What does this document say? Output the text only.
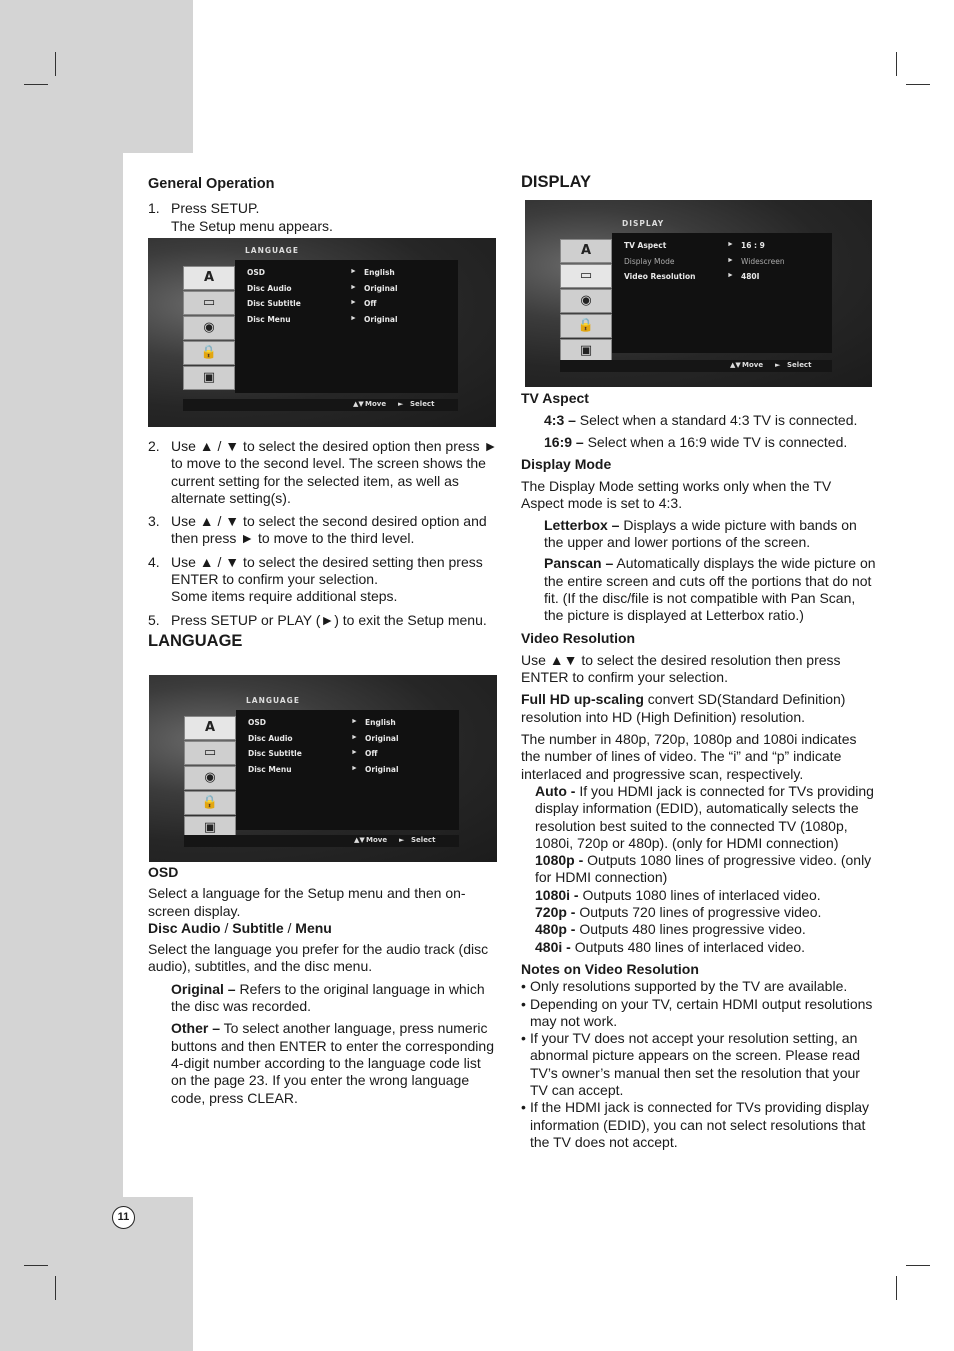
11

General Operation

1. Press SETUP.

The Setup menu appears.

2. Use ▲ / ▼ to select the desired option then press ► to move to the second level. The screen shows the current setting for the selected item, as well as alternate setting(s).

3. Use ▲ / ▼ to select the second desired option and then press ► to move to the third level.

4. Use ▲ / ▼ to select the desired setting then press ENTER to confirm your selection.

Some items require additional steps.

5. Press SETUP or PLAY (►) to exit the Setup menu.

LANGUAGE

OSD

Select a language for the Setup menu and then on-screen display.

Disc Audio / Subtitle / Menu

Select the language you prefer for the audio track (disc audio), subtitles, and the disc menu.

Original – Refers to the original language in which the disc was recorded.

Other – To select another language, press numeric buttons and then ENTER to enter the corresponding 4-digit number according to the language code list on the page 23. If you enter the wrong language code, press CLEAR.

DISPLAY

TV Aspect

4:3 – Select when a standard 4:3 TV is connected.

16:9 – Select when a 16:9 wide TV is connected.

Display Mode

The Display Mode setting works only when the TV Aspect mode is set to 4:3.

Letterbox – Displays a wide picture with bands on the upper and lower portions of the screen.

Panscan – Automatically displays the wide picture on the entire screen and cuts off the portions that do not fit. (If the disc/file is not compatible with Pan Scan, the picture is displayed at Letterbox ratio.)

Video Resolution

Use ▲▼ to select the desired resolution then press ENTER to confirm your selection.

Full HD up-scaling convert SD(Standard Definition) resolution into HD (High Definition) resolution.

The number in 480p, 720p, 1080p and 1080i indicates the number of lines of video. The “i” and “p” indicate interlaced and progressive scan, respectively.

Auto - If you HDMI jack is connected for TVs providing display information (EDID), automatically selects the resolution best suited to the connected TV (1080p, 1080i, 720p or 480p). (only for HDMI connection)

1080p - Outputs 1080 lines of progressive video. (only for HDMI connection)

1080i - Outputs 1080 lines of interlaced video.

720p - Outputs 720 lines of progressive video.

480p - Outputs 480 lines progressive video.

480i - Outputs 480 lines of interlaced video.

Notes on Video Resolution

• Only resolutions supported by the TV are available.

• Depending on your TV, certain HDMI output resolutions may not work.

• If your TV does not accept your resolution setting, an abnormal picture appears on the screen. Please read TV’s owner’s manual then set the resolution that your TV can accept.

• If the HDMI jack is connected for TVs providing display information (EDID), you can not select resolutions that the TV does not accept.

LANGUAGE
A
▭
◉
🔒
▣
OSD	► English
Disc Audio	► Original
Disc Subtitle	► Off
Disc Menu	► Original
▲▼ Move ► Select
LANGUAGE
A
▭
◉
🔒
▣
OSD	► English
Disc Audio	► Original
Disc Subtitle	► Off
Disc Menu	► Original
▲▼ Move ► Select
DISPLAY
A
▭
◉
🔒
▣
TV Aspect	► 16 : 9
Display Mode	► Widescreen
Video Resolution	► 480I
▲▼ Move ► Select
